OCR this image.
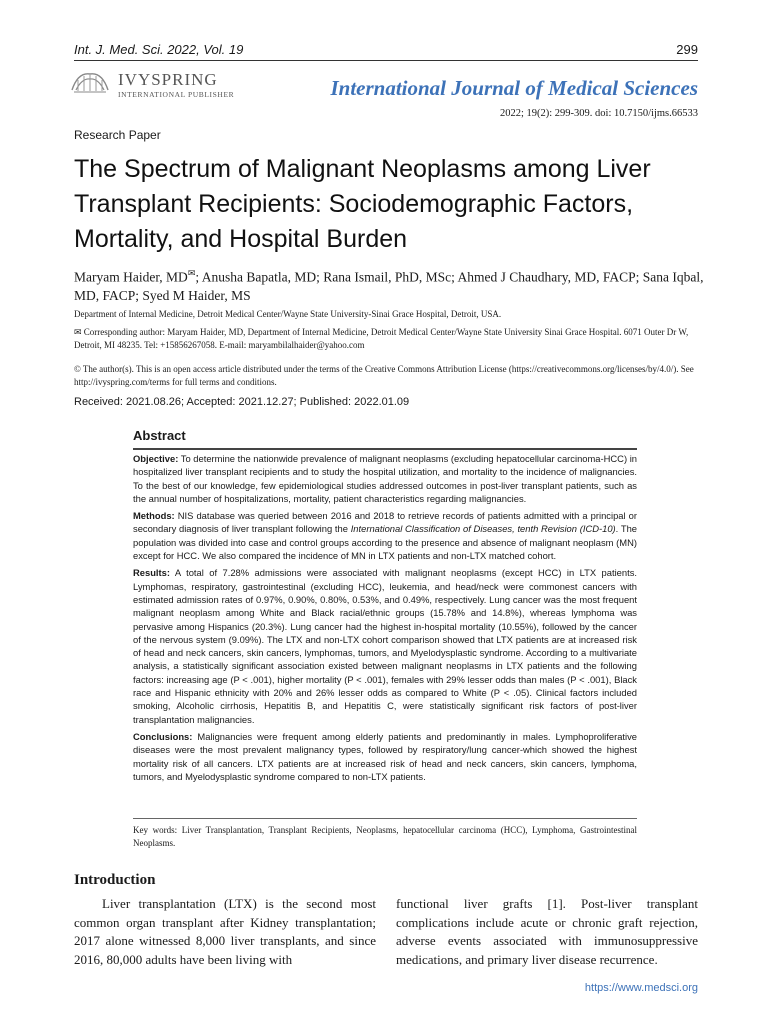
Int. J. Med. Sci. 2022, Vol. 19	299
IVYSPRING
INTERNATIONAL PUBLISHER	International Journal of Medical Sciences
2022; 19(2): 299-309. doi: 10.7150/ijms.66533
Research Paper
The Spectrum of Malignant Neoplasms among Liver Transplant Recipients: Sociodemographic Factors, Mortality, and Hospital Burden
Maryam Haider, MD✉; Anusha Bapatla, MD; Rana Ismail, PhD, MSc; Ahmed J Chaudhary, MD, FACP; Sana Iqbal, MD, FACP; Syed M Haider, MS
Department of Internal Medicine, Detroit Medical Center/Wayne State University-Sinai Grace Hospital, Detroit, USA.
✉ Corresponding author: Maryam Haider, MD, Department of Internal Medicine, Detroit Medical Center/Wayne State University Sinai Grace Hospital. 6071 Outer Dr W, Detroit, MI 48235. Tel: +15856267058. E-mail: maryambilalhaider@yahoo.com
© The author(s). This is an open access article distributed under the terms of the Creative Commons Attribution License (https://creativecommons.org/licenses/by/4.0/). See http://ivyspring.com/terms for full terms and conditions.
Received: 2021.08.26; Accepted: 2021.12.27; Published: 2022.01.09
Abstract

Objective: To determine the nationwide prevalence of malignant neoplasms (excluding hepatocellular carcinoma-HCC) in hospitalized liver transplant recipients and to study the hospital utilization, and mortality to the incidence of malignancies. To the best of our knowledge, few epidemiological studies addressed outcomes in post-liver transplant patients, such as the annual number of hospitalizations, mortality, patient characteristics regarding malignancies.

Methods: NIS database was queried between 2016 and 2018 to retrieve records of patients admitted with a principal or secondary diagnosis of liver transplant following the International Classification of Diseases, tenth Revision (ICD-10). The population was divided into case and control groups according to the presence and absence of malignant neoplasm (MN) except for HCC. We also compared the incidence of MN in LTX patients and non-LTX matched cohort.

Results: A total of 7.28% admissions were associated with malignant neoplasms (except HCC) in LTX patients. Lymphomas, respiratory, gastrointestinal (excluding HCC), leukemia, and head/neck were commonest cancers with estimated admission rates of 0.97%, 0.90%, 0.80%, 0.53%, and 0.49%, respectively. Lung cancer was the most frequent malignant neoplasm among White and Black racial/ethnic groups (15.78% and 14.8%), whereas lymphoma was pervasive among Hispanics (20.3%). Lung cancer had the highest in-hospital mortality (10.55%), followed by the cancer of the nervous system (9.09%). The LTX and non-LTX cohort comparison showed that LTX patients are at increased risk of head and neck cancers, skin cancers, lymphomas, tumors, and Myelodysplastic syndrome. According to a multivariate analysis, a statistically significant association existed between malignant neoplasms in LTX patients and the following factors: increasing age (P < .001), higher mortality (P < .001), females with 29% lesser odds than males (P < .001), Black race and Hispanic ethnicity with 20% and 26% lesser odds as compared to White (P < .05). Clinical factors included smoking, Alcoholic cirrhosis, Hepatitis B, and Hepatitis C, were statistically significant risk factors of post-liver transplantation malignancies.

Conclusions: Malignancies were frequent among elderly patients and predominantly in males. Lymphoproliferative diseases were the most prevalent malignancy types, followed by respiratory/lung cancer-which showed the highest mortality risk of all cancers. LTX patients are at increased risk of head and neck cancers, skin cancers, lymphoma, tumors, and Myelodysplastic syndrome compared to non-LTX patients.

Key words: Liver Transplantation, Transplant Recipients, Neoplasms, hepatocellular carcinoma (HCC), Lymphoma, Gastrointestinal Neoplasms.
Introduction
Liver transplantation (LTX) is the second most common organ transplant after Kidney transplantation; 2017 alone witnessed 8,000 liver transplants, and since 2016, 80,000 adults have been living with
functional liver grafts [1]. Post-liver transplant complications include acute or chronic graft rejection, adverse events associated with immunosuppressive medications, and primary liver disease recurrence.
https://www.medsci.org
